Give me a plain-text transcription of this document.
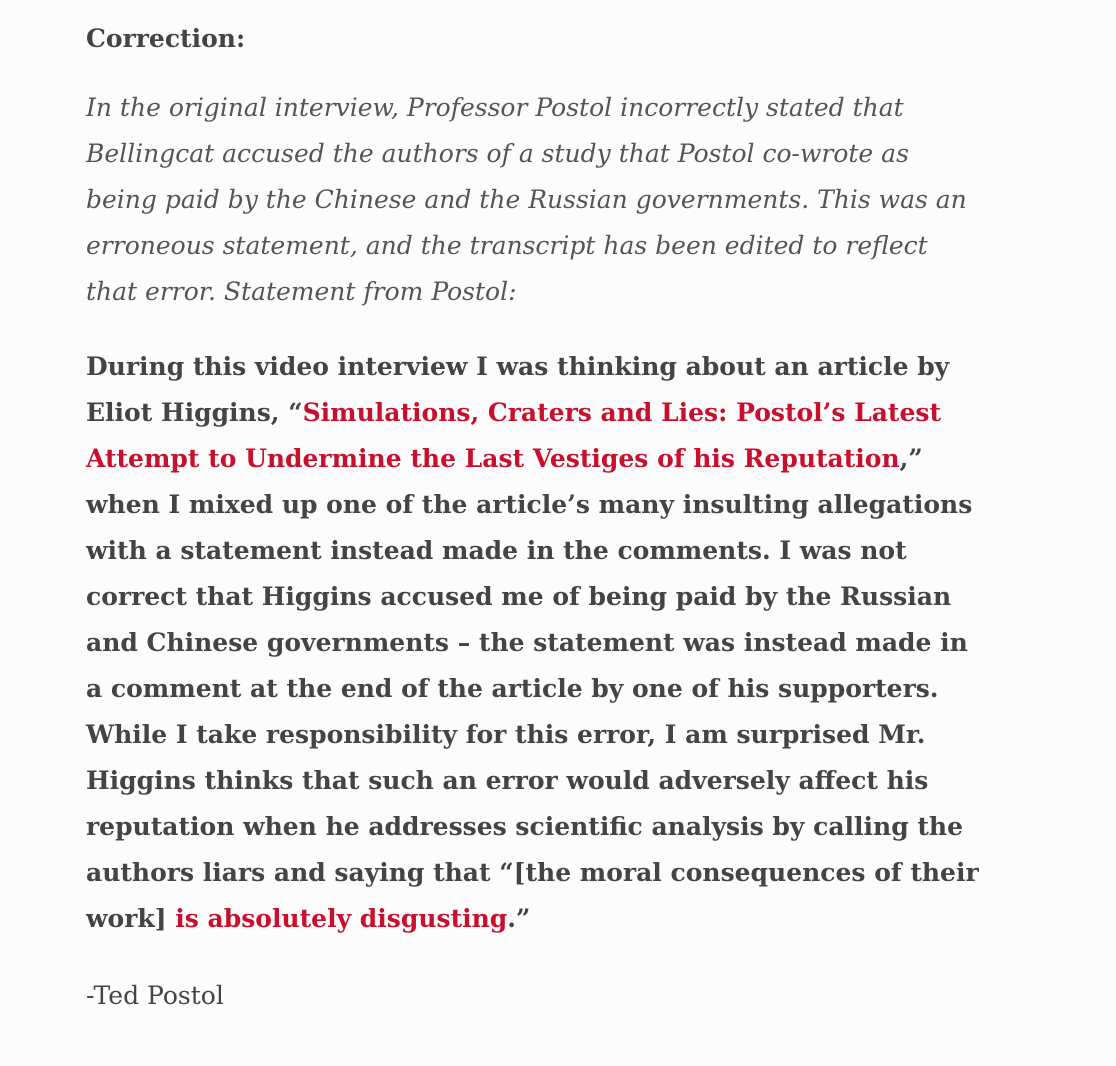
Correction:

In the original interview, Professor Postol incorrectly stated that Bellingcat accused the authors of a study that Postol co-wrote as being paid by the Chinese and the Russian governments. This was an erroneous statement, and the transcript has been edited to reflect that error. Statement from Postol:

During this video interview I was thinking about an article by Eliot Higgins, “Simulations, Craters and Lies: Postol’s Latest Attempt to Undermine the Last Vestiges of his Reputation,” when I mixed up one of the article’s many insulting allegations with a statement instead made in the comments. I was not correct that Higgins accused me of being paid by the Russian and Chinese governments – the statement was instead made in a comment at the end of the article by one of his supporters. While I take responsibility for this error, I am surprised Mr. Higgins thinks that such an error would adversely affect his reputation when he addresses scientific analysis by calling the authors liars and saying that “[the moral consequences of their work] is absolutely disgusting.”

-Ted Postol
